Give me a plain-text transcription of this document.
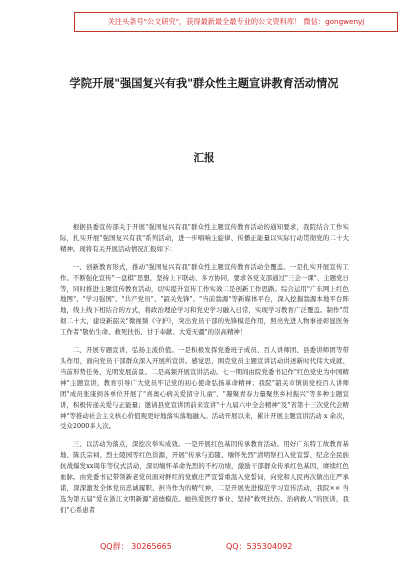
关注头条号"公文研究"，获得最新最全最专业的公文资料库！ 微信：gongwenyj
学院开展"强国复兴有我"群众性主题宣讲教育活动情况
汇报

根据县委宣传部关于开展"强国复兴有我"群众性主题宣传教育活动的通知要求，我院结合工作实际，扎实开展"强国复兴有我"系列活动，进一步唱响主旋律、传播正能量以实际行动贯彻党的二十大精神。现将有关开展活动情况汇报如下：

一、创新教育形式，推动"强国复兴有我"群众性主题宣传教育活动全覆盖。一是扎实开展宣传工作。不断强化宣传"一盘棋"思想，坚持上下联动、多方协同，要求各党支部通过"三会一课"、主题党日等，同时推进主题宣传教育活动，切实提升宣传工作实效二是创新工作思路。综合运用"广东网上红色地图"、"学习强国"、"共产党员"、"韶关先锋"、"当前翁源"等新媒体平台，深入挖掘翁源本地平台阵地，线上线下相结合的方式，将政治理论学习和党史学习融入日常，实现学习教育广泛覆盖。制作"贯彻二十大，建设新韶关"微视频《守护》，突出党员干部的先锋模范作用，照亮先进人物事迹彰显医务工作者"敬佑生命、救死扶伤、甘于奉献、大爱无疆"的崇高精神！

二、开展专题宣讲，弘扬主流价值。一是积极发挥党委班子成员、百人讲师团、县委讲师团等带头作用，面向党员干部群众深入开展所宣讲。感觉思，围克党员主题宣讲活动讲述新时代伟大成就、当前形势任务、光明发展前景。二是高频开展宣讲活动。七一期间由院党委书记作"红色党史为中国精神"主题宣讲，教育引导广大党员牢记党的初心使命弘扬革命精神；我院"韶关市镇街党校百人讲师团"成员张康到各单位开展了"喜奥心病关爱留守儿童"、"凝聚青春力量聚焦乡村振兴"等多种主题宣讲，积极传递关爱与正能量；邀请县党宣讲团前来宣讲"十九届六中全会精神"及"省第十三次党代会精神"等推动社会主义核心价值观更好地落实落地融入。活动开展以来，累计开展主题宣讲活动 x 余次，受众2000多人次。

三、以活动为落点，深挖次举实成效。一是开展红色基因传承教育活动。用好广东特工故教育基地、陈氏宗祠、烈士陵园等红色资源，开展"传承与追随、缅怀先烈"清明祭扫入党宣誓、纪念全民族抗战爆发xx周年等仪式活动，深切缅怀革命先烈的不朽功绩，激励干部群众传承红色基因，赓续红色血脉。由党委书记带领新老党员面对鲜红的党旗庄严宣誓重温入党誓词，向党和人民再次做出庄严承诺，深深激发全体党员忠诚履职、担当作为的精气神，二是开展先进模范学习宣传活动，我院×× 当选为第五届"爱在浙江文明新源"道德模范。她热爱医疗事业、坚持"救死扶伤、治病救人"的医训，我们"心系患者

QQ群： 30265665	QQ：535304092
